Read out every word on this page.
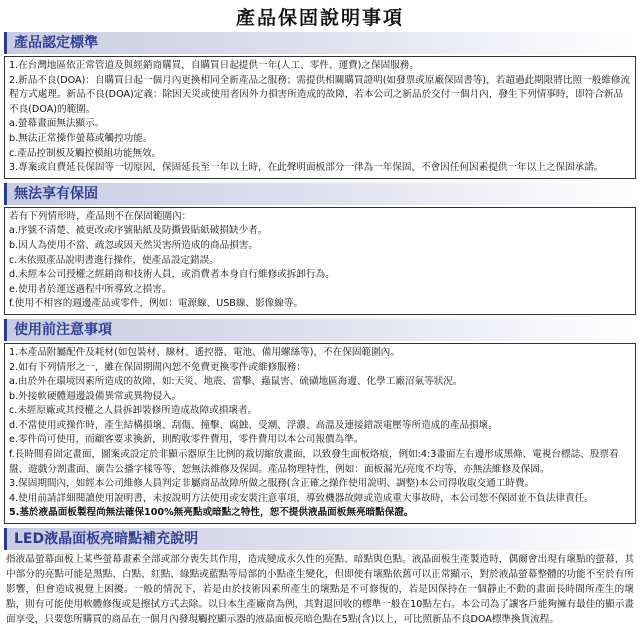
產品保固說明事項
產品認定標準

1.在台灣地區依正常管道及與經銷商購買，自購買日起提供一年(人工、零件、運費)之保固服務。

2.新品不良(DOA)：自購買日起一個月內更換相同全新產品之服務；需提供相關購買證明(如發票或原廠保固書等)，若超過此期限將比照一般維修流程方式處理。新品不良(DOA)定義：除因天災或使用者因外力損害所造成的故障，若本公司之新品於交付一個月內，發生下列情事時，即符合新品不良(DOA)的範圍。

a.螢幕畫面無法顯示。

b.無法正常操作螢幕或觸控功能。

c.產品控制板及觸控模組功能無效。

3.專案或自費延長保固等一切原因，保固延長至一年以上時，在此聲明面板部分一律為一年保固，不會因任何因素提供一年以上之保固承諾。

無法享有保固

若有下列情形時，產品則不在保固範圍內：

a.序號不清楚、被更改或序號貼紙及防撕毀貼紙破損缺少者。

b.因人為使用不當、疏忽或因天然災害所造成的商品損害。

c.未依照產品說明書進行操作，使產品設定錯誤。

d.未經本公司授權之經銷商和技術人員，或消費者本身自行維修或拆卸行為。

e.使用者於運送過程中所導致之損害。

f.使用不相容的週邊產品或零件，例如：電源線、USB線、影像線等。

使用前注意事項

1.本產品附屬配件及耗材(如包裝材、線材、遙控器、電池、備用螺絲等)，不在保固範圍內。

2.如有下列情形之一，雖在保固期間內恕不免費更換零件或維修服務：

a.由於外在環境因素所造成的故障，如:天災、地震、雷擊、蟲鼠害、硫磺地區海邊、化學工廠沼氣等狀況。

b.外接軟硬體週邊設備異常或異物侵入。

c.未經原廠或其授權之人員拆卸裝修所造成故障或損壞者。

d.不當使用或操作時，產生結構損壞、刮傷、撞擊、腐蝕、受潮、浮濃、高溫及連接錯誤電壓等所造成的產品損壞。

e.零件尚可使用，而顧客要求換新，則酌收零件費用，零件費用以本公司報價為準。

f.長時間看固定畫面，圖案或設定於非顯示器原生比例的裁切縮放畫面，以致發生面板烙痕，例如:4:3畫面左右邊形成黑條、電視台標誌、股票看盤、遊戲分割畫面、廣告公播字樣等等，恕無法維修及保固。產品物理特性，例如：面板漏光/亮度不均等，亦無法維修及保固。

3.保固期間內，如經本公司維修人員判定非屬商品故障所做之服務(含正確之操作使用說明、調整)本公司得收取交通工時費。

4.使用前請詳細閱讀使用說明書，未按說明方法使用或安裝注意事項，導致機器故障或造成重大事故時，本公司恕不保固並不負法律責任。

5.基於液晶面板製程尚無法確保100%無亮點或暗點之特性，恕不提供液晶面板無亮暗點保證。

LED液晶面板亮暗點補充說明
指液晶螢幕面板上某些螢幕畫素全部或部分喪失其作用，造成變成永久性的亮點、暗點與色點。液晶面板生產製造時，偶爾會出現有壞點的螢幕，其中部分的亮點可能是黑點、白點、紅點、綠點或藍點等局部的小點產生變化，但即使有壞點依舊可以正常顯示，對於液晶螢幕整體的功能不至於有所影響，但會造成視覺上困擾。一般的情況下，若是由於技術因素所產生的壞點是不可修復的，若是因保持在一個靜止不動的畫面長時間所產生的壞點，則有可能使用軟體修復或是擦拭方式去除。以日本生產廠商為例，其對退回收的標準一般在10點左右。本公司為了讓客戶能夠擁有最佳的顯示畫面享受，只要您所購買的商品在一個月內發現觸控顯示器的液晶面板亮暗色點在5點(含)以上，可比照新品不良DOA標準換貨流程。
